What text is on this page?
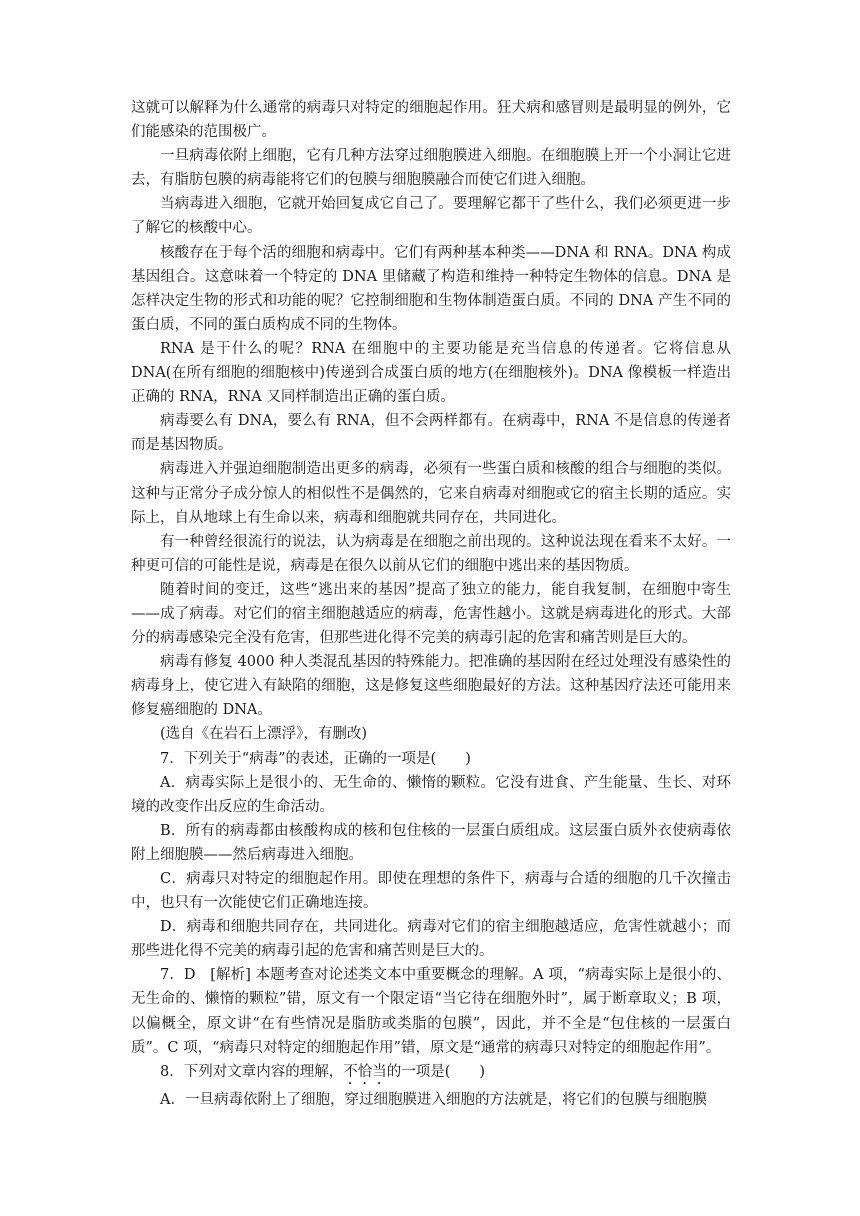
这就可以解释为什么通常的病毒只对特定的细胞起作用。狂犬病和感冒则是最明显的例外，它们能感染的范围极广。

一旦病毒依附上细胞，它有几种方法穿过细胞膜进入细胞。在细胞膜上开一个小洞让它进去，有脂肪包膜的病毒能将它们的包膜与细胞膜融合而使它们进入细胞。

当病毒进入细胞，它就开始回复成它自己了。要理解它都干了些什么，我们必须更进一步了解它的核酸中心。

核酸存在于每个活的细胞和病毒中。它们有两种基本种类——DNA 和 RNA。DNA 构成基因组合。这意味着一个特定的 DNA 里储藏了构造和维持一种特定生物体的信息。DNA 是怎样决定生物的形式和功能的呢？它控制细胞和生物体制造蛋白质。不同的 DNA 产生不同的蛋白质，不同的蛋白质构成不同的生物体。

RNA 是干什么的呢？RNA 在细胞中的主要功能是充当信息的传递者。它将信息从 DNA(在所有细胞的细胞核中)传递到合成蛋白质的地方(在细胞核外)。DNA 像模板一样造出正确的 RNA，RNA 又同样制造出正确的蛋白质。

病毒要么有 DNA，要么有 RNA，但不会两样都有。在病毒中，RNA 不是信息的传递者而是基因物质。

病毒进入并强迫细胞制造出更多的病毒，必须有一些蛋白质和核酸的组合与细胞的类似。这种与正常分子成分惊人的相似性不是偶然的，它来自病毒对细胞或它的宿主长期的适应。实际上，自从地球上有生命以来，病毒和细胞就共同存在，共同进化。

有一种曾经很流行的说法，认为病毒是在细胞之前出现的。这种说法现在看来不太好。一种更可信的可能性是说，病毒是在很久以前从它们的细胞中逃出来的基因物质。

随着时间的变迁，这些“逃出来的基因”提高了独立的能力，能自我复制，在细胞中寄生——成了病毒。对它们的宿主细胞越适应的病毒，危害性越小。这就是病毒进化的形式。大部分的病毒感染完全没有危害，但那些进化得不完美的病毒引起的危害和痛苦则是巨大的。

病毒有修复 4000 种人类混乱基因的特殊能力。把准确的基因附在经过处理没有感染性的病毒身上，使它进入有缺陷的细胞，这是修复这些细胞最好的方法。这种基因疗法还可能用来修复癌细胞的 DNA。

(选自《在岩石上漂浮》，有删改)

7．下列关于“病毒”的表述，正确的一项是(　　)

A．病毒实际上是很小的、无生命的、懒惰的颗粒。它没有进食、产生能量、生长、对环境的改变作出反应的生命活动。

B．所有的病毒都由核酸构成的核和包住核的一层蛋白质组成。这层蛋白质外衣使病毒依附上细胞膜——然后病毒进入细胞。

C．病毒只对特定的细胞起作用。即使在理想的条件下，病毒与合适的细胞的几千次撞击中，也只有一次能使它们正确地连接。

D．病毒和细胞共同存在，共同进化。病毒对它们的宿主细胞越适应，危害性就越小；而那些进化得不完美的病毒引起的危害和痛苦则是巨大的。

7．D　[解析] 本题考查对论述类文本中重要概念的理解。A 项，“病毒实际上是很小的、无生命的、懒惰的颗粒”错，原文有一个限定语“当它待在细胞外时”，属于断章取义；B 项，以偏概全，原文讲“在有些情况是脂肪或类脂的包膜”，因此，并不全是“包住核的一层蛋白质”。C 项，“病毒只对特定的细胞起作用”错，原文是“通常的病毒只对特定的细胞起作用”。

8．下列对文章内容的理解，不恰当的一项是(　　)

A．一旦病毒依附上了细胞，穿过细胞膜进入细胞的方法就是，将它们的包膜与细胞膜
